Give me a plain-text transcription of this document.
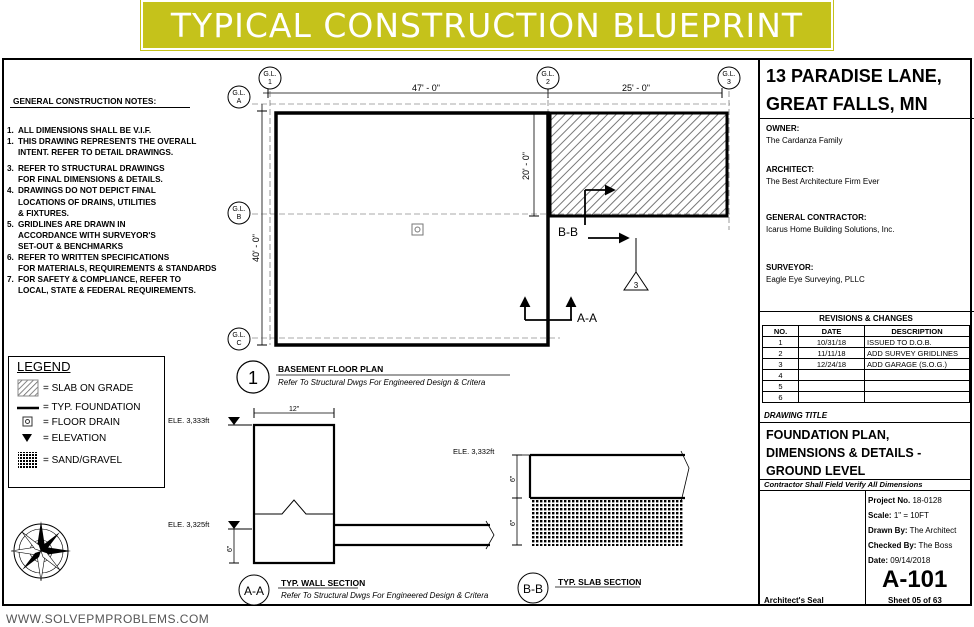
TYPICAL CONSTRUCTION BLUEPRINT
GENERAL CONSTRUCTION NOTES:
1. ALL DIMENSIONS SHALL BE V.I.F.
1. THIS DRAWING REPRESENTS THE OVERALL
INTENT. REFER TO DETAIL DRAWINGS.
3. REFER TO STRUCTURAL DRAWINGS
FOR FINAL DIMENSIONS & DETAILS.
4. DRAWINGS DO NOT DEPICT FINAL
LOCATIONS OF DRAINS, UTILITIES
& FIXTURES.
5. GRIDLINES ARE DRAWN IN
ACCORDANCE WITH SURVEYOR'S
SET-OUT & BENCHMARKS
6. REFER TO WRITTEN SPECIFICATIONS
FOR MATERIALS, REQUIREMENTS & STANDARDS
7. FOR SAFETY & COMPLIANCE, REFER TO
LOCAL, STATE & FEDERAL REQUIREMENTS.
LEGEND
= SLAB ON GRADE
= TYP. FOUNDATION
= FLOOR DRAIN
= ELEVATION
= SAND/GRAVEL
47' - 0"	25' - 0"
40' - 0"
G.L.
1
G.L.
2
G.L.
3
G.L.
A
G.L.
B
G.L.
C
20' - 0"
B-B
3
A-A
1 BASEMENT FLOOR PLAN
Refer To Structural Dwgs For Engineered Design & Critera
ELE. 3,333ft
12"
ELE. 3,325ft
6"
A-A
TYP. WALL SECTION
Refer To Structural Dwgs For Engineered Design & Critera
ELE. 3,332ft
6"
6"
B-B TYP. SLAB SECTION
13 PARADISE LANE,
GREAT FALLS, MN
OWNER:
The Cardanza Family
ARCHITECT:
The Best Architecture Firm Ever
GENERAL CONTRACTOR:
Icarus Home Building Solutions, Inc.
SURVEYOR:
Eagle Eye Surveying, PLLC
REVISIONS & CHANGES
NO.	DATE	DESCRIPTION
1	10/31/18	ISSUED TO D.O.B.
2	11/11/18	ADD SURVEY GRIDLINES
3	12/24/18	ADD GARAGE (S.O.G.)
4		
5		
6		
DRAWING TITLE
FOUNDATION PLAN,
DIMENSIONS & DETAILS -
GROUND LEVEL
Contractor Shall Field Verify All Dimensions
Project No. 18-0128
Scale: 1" = 10FT
Drawn By: The Architect
Checked By: The Boss
Date: 09/14/2018
A-101
Sheet 05 of 63
Architect's Seal
WWW.SOLVEPMPROBLEMS.COM
